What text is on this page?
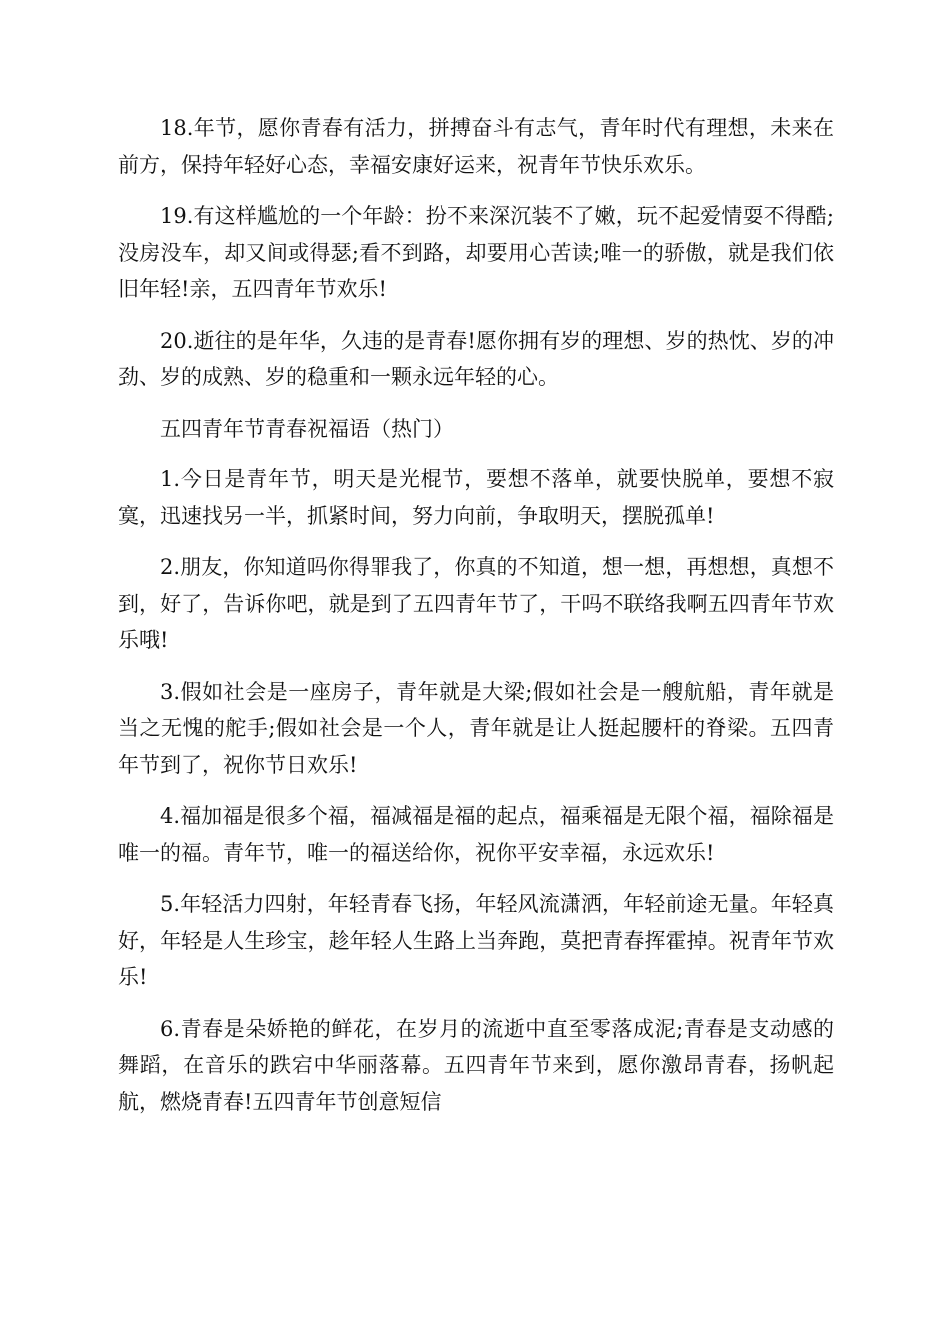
18.年节，愿你青春有活力，拼搏奋斗有志气，青年时代有理想，未来在前方，保持年轻好心态，幸福安康好运来，祝青年节快乐欢乐。

19.有这样尴尬的一个年龄：扮不来深沉装不了嫩，玩不起爱情耍不得酷;没房没车，却又间或得瑟;看不到路，却要用心苦读;唯一的骄傲，就是我们依旧年轻!亲，五四青年节欢乐!

20.逝往的是年华，久违的是青春!愿你拥有岁的理想、岁的热忱、岁的冲劲、岁的成熟、岁的稳重和一颗永远年轻的心。

五四青年节青春祝福语（热门）

1.今日是青年节，明天是光棍节，要想不落单，就要快脱单，要想不寂寞，迅速找另一半，抓紧时间，努力向前，争取明天，摆脱孤单!

2.朋友，你知道吗你得罪我了，你真的不知道，想一想，再想想，真想不到，好了，告诉你吧，就是到了五四青年节了，干吗不联络我啊五四青年节欢乐哦!

3.假如社会是一座房子，青年就是大梁;假如社会是一艘航船，青年就是当之无愧的舵手;假如社会是一个人，青年就是让人挺起腰杆的脊梁。五四青年节到了，祝你节日欢乐!

4.福加福是很多个福，福减福是福的起点，福乘福是无限个福，福除福是唯一的福。青年节，唯一的福送给你，祝你平安幸福，永远欢乐!

5.年轻活力四射，年轻青春飞扬，年轻风流潇洒，年轻前途无量。年轻真好，年轻是人生珍宝，趁年轻人生路上当奔跑，莫把青春挥霍掉。祝青年节欢乐!

6.青春是朵娇艳的鲜花，在岁月的流逝中直至零落成泥;青春是支动感的舞蹈，在音乐的跌宕中华丽落幕。五四青年节来到，愿你激昂青春，扬帆起航，燃烧青春!五四青年节创意短信
